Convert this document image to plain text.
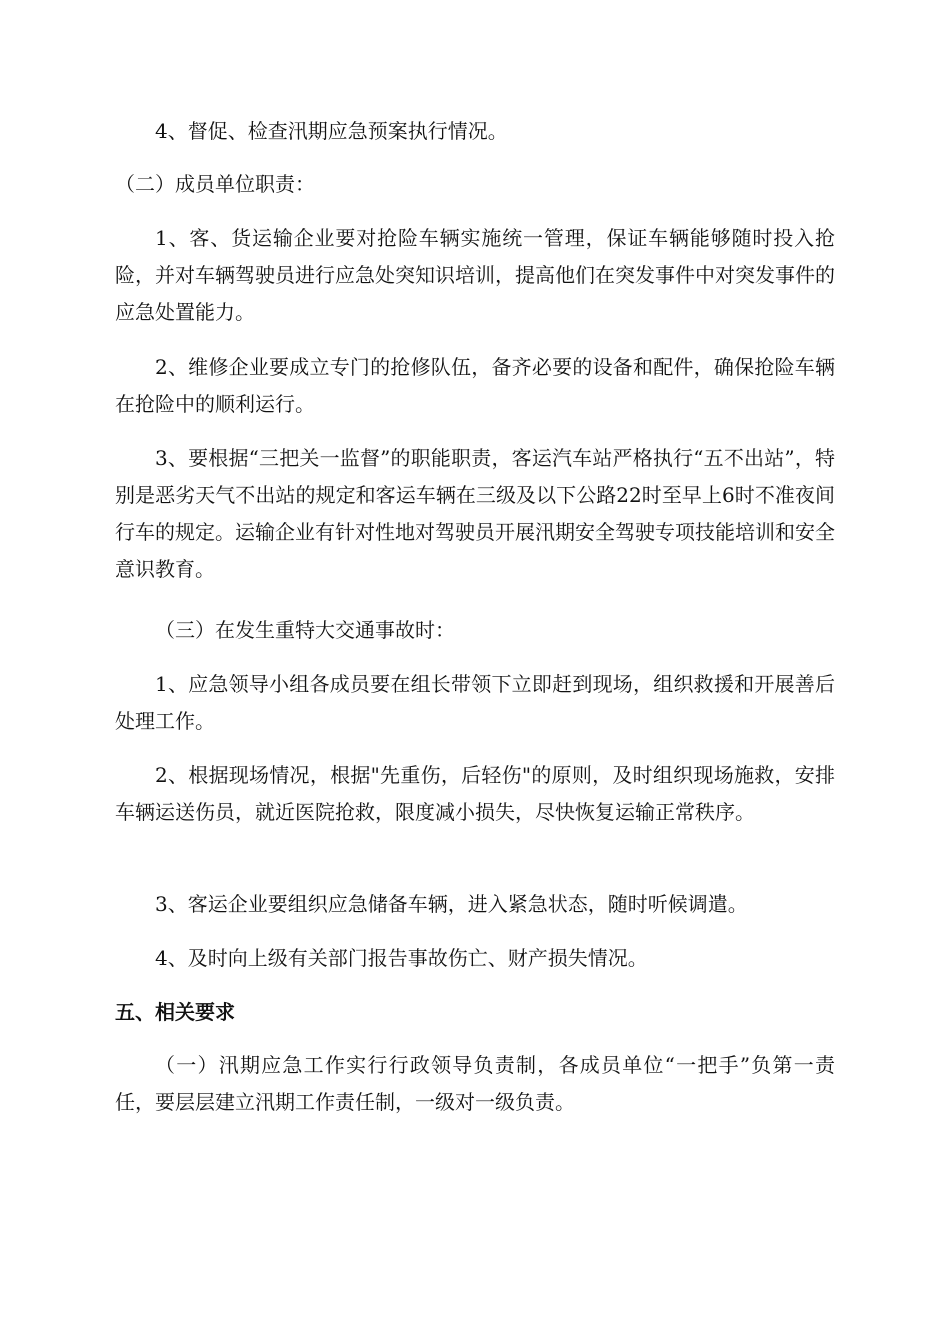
4、督促、检查汛期应急预案执行情况。

（二）成员单位职责：

1、客、货运输企业要对抢险车辆实施统一管理，保证车辆能够随时投入抢险，并对车辆驾驶员进行应急处突知识培训，提高他们在突发事件中对突发事件的应急处置能力。

2、维修企业要成立专门的抢修队伍，备齐必要的设备和配件，确保抢险车辆在抢险中的顺利运行。

3、要根据“三把关一监督”的职能职责，客运汽车站严格执行“五不出站”，特别是恶劣天气不出站的规定和客运车辆在三级及以下公路22时至早上6时不准夜间行车的规定。运输企业有针对性地对驾驶员开展汛期安全驾驶专项技能培训和安全意识教育。

（三）在发生重特大交通事故时：

1、应急领导小组各成员要在组长带领下立即赶到现场，组织救援和开展善后处理工作。

2、根据现场情况，根据"先重伤，后轻伤"的原则，及时组织现场施救，安排车辆运送伤员，就近医院抢救，限度减小损失，尽快恢复运输正常秩序。

3、客运企业要组织应急储备车辆，进入紧急状态，随时听候调遣。

4、及时向上级有关部门报告事故伤亡、财产损失情况。

五、相关要求

（一）汛期应急工作实行行政领导负责制，各成员单位“一把手”负第一责任，要层层建立汛期工作责任制，一级对一级负责。
